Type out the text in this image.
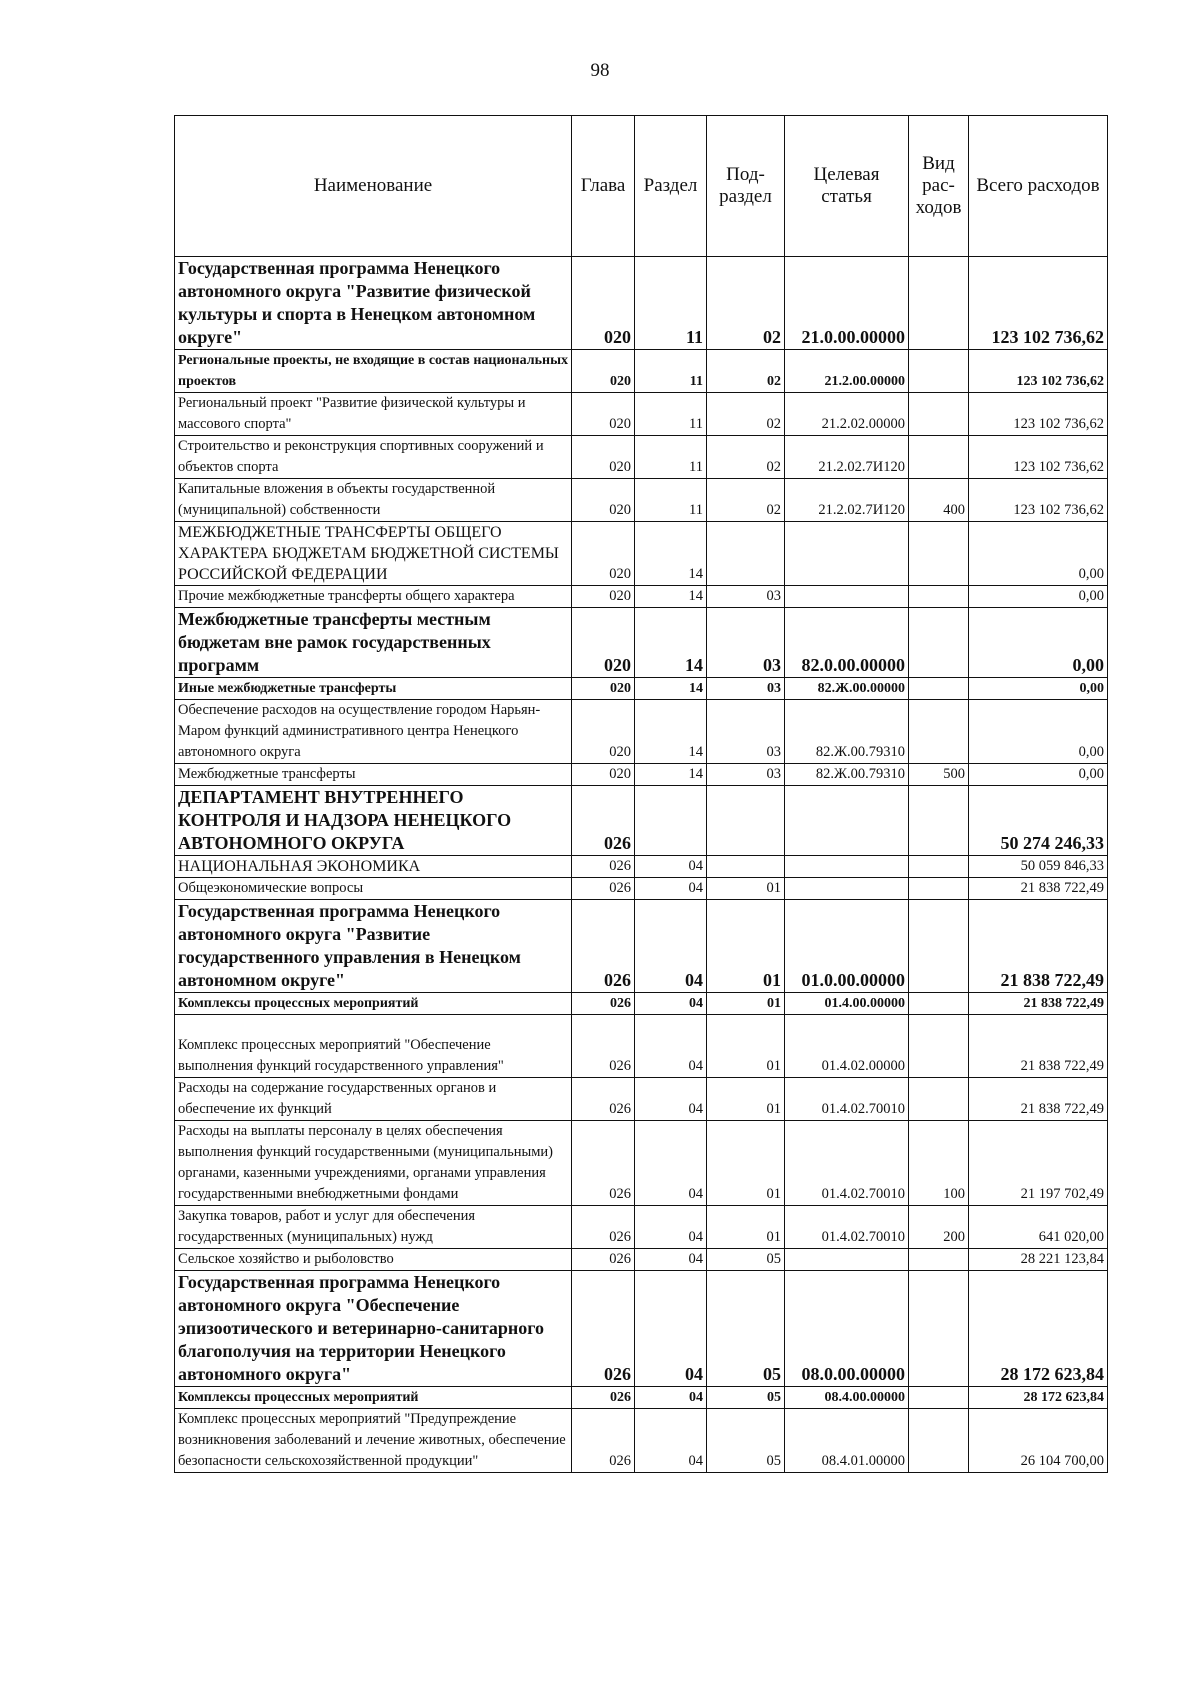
98
Наименование	Глава	Раздел	Под-раздел	Целевая статья	Вид рас-ходов	Всего расходов
Государственная программа Ненецкого автономного округа "Развитие физической культуры и спорта в Ненецком автономном округе"	020	11	02	21.0.00.00000		123 102 736,62
Региональные проекты, не входящие в состав национальных проектов	020	11	02	21.2.00.00000		123 102 736,62
Региональный проект "Развитие физической культуры и массового спорта"	020	11	02	21.2.02.00000		123 102 736,62
Строительство и реконструкция спортивных сооружений и объектов спорта	020	11	02	21.2.02.7И120		123 102 736,62
Капитальные вложения в объекты государственной (муниципальной) собственности	020	11	02	21.2.02.7И120	400	123 102 736,62
МЕЖБЮДЖЕТНЫЕ ТРАНСФЕРТЫ ОБЩЕГО ХАРАКТЕРА БЮДЖЕТАМ БЮДЖЕТНОЙ СИСТЕМЫ РОССИЙСКОЙ ФЕДЕРАЦИИ	020	14				0,00
Прочие межбюджетные трансферты общего характера	020	14	03			0,00
Межбюджетные трансферты местным бюджетам вне рамок государственных программ	020	14	03	82.0.00.00000		0,00
Иные межбюджетные трансферты	020	14	03	82.Ж.00.00000		0,00
Обеспечение расходов на осуществление городом Нарьян-Маром функций административного центра Ненецкого автономного округа	020	14	03	82.Ж.00.79310		0,00
Межбюджетные трансферты	020	14	03	82.Ж.00.79310	500	0,00
ДЕПАРТАМЕНТ ВНУТРЕННЕГО КОНТРОЛЯ И НАДЗОРА НЕНЕЦКОГО АВТОНОМНОГО ОКРУГА	026					50 274 246,33
НАЦИОНАЛЬНАЯ ЭКОНОМИКА	026	04				50 059 846,33
Общеэкономические вопросы	026	04	01			21 838 722,49
Государственная программа Ненецкого автономного округа "Развитие государственного управления в Ненецком автономном округе"	026	04	01	01.0.00.00000		21 838 722,49
Комплексы процессных мероприятий	026	04	01	01.4.00.00000		21 838 722,49
Комплекс процессных мероприятий "Обеспечение выполнения функций государственного управления"	026	04	01	01.4.02.00000		21 838 722,49
Расходы на содержание государственных органов и обеспечение их функций	026	04	01	01.4.02.70010		21 838 722,49
Расходы на выплаты персоналу в целях обеспечения выполнения функций государственными (муниципальными) органами, казенными учреждениями, органами управления государственными внебюджетными фондами	026	04	01	01.4.02.70010	100	21 197 702,49
Закупка товаров, работ и услуг для обеспечения государственных (муниципальных) нужд	026	04	01	01.4.02.70010	200	641 020,00
Сельское хозяйство и рыболовство	026	04	05			28 221 123,84
Государственная программа Ненецкого автономного округа "Обеспечение эпизоотического и ветеринарно-санитарного благополучия на территории Ненецкого автономного округа"	026	04	05	08.0.00.00000		28 172 623,84
Комплексы процессных мероприятий	026	04	05	08.4.00.00000		28 172 623,84
Комплекс процессных мероприятий "Предупреждение возникновения заболеваний и лечение животных, обеспечение безопасности сельскохозяйственной продукции"	026	04	05	08.4.01.00000		26 104 700,00
